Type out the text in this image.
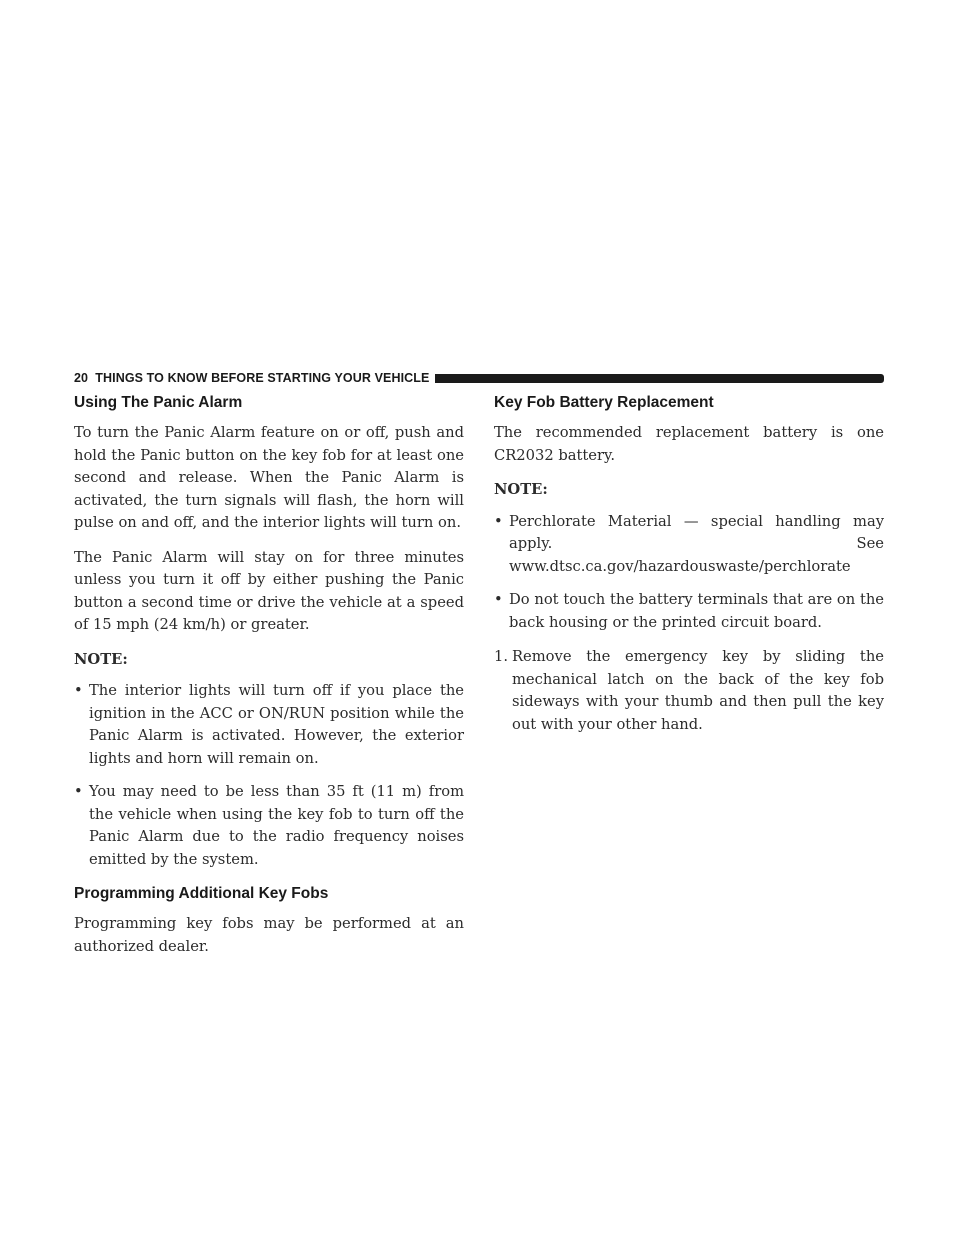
20 THINGS TO KNOW BEFORE STARTING YOUR VEHICLE
Using The Panic Alarm

To turn the Panic Alarm feature on or off, push and hold the Panic button on the key fob for at least one second and release. When the Panic Alarm is activated, the turn signals will flash, the horn will pulse on and off, and the interior lights will turn on.

The Panic Alarm will stay on for three minutes unless you turn it off by either pushing the Panic button a second time or drive the vehicle at a speed of 15 mph (24 km/h) or greater.

NOTE:
• The interior lights will turn off if you place the ignition in the ACC or ON/RUN position while the Panic Alarm is activated. However, the exterior lights and horn will remain on.
• You may need to be less than 35 ft (11 m) from the vehicle when using the key fob to turn off the Panic Alarm due to the radio frequency noises emitted by the system.
Programming Additional Key Fobs

Programming key fobs may be performed at an authorized dealer.

Key Fob Battery Replacement

The recommended replacement battery is one CR2032 battery.

NOTE:
• Perchlorate Material — special handling may apply. See www.dtsc.ca.gov/hazardouswaste/perchlorate
• Do not touch the battery terminals that are on the back housing or the printed circuit board.
1. Remove the emergency key by sliding the mechanical latch on the back of the key fob sideways with your thumb and then pull the key out with your other hand.
